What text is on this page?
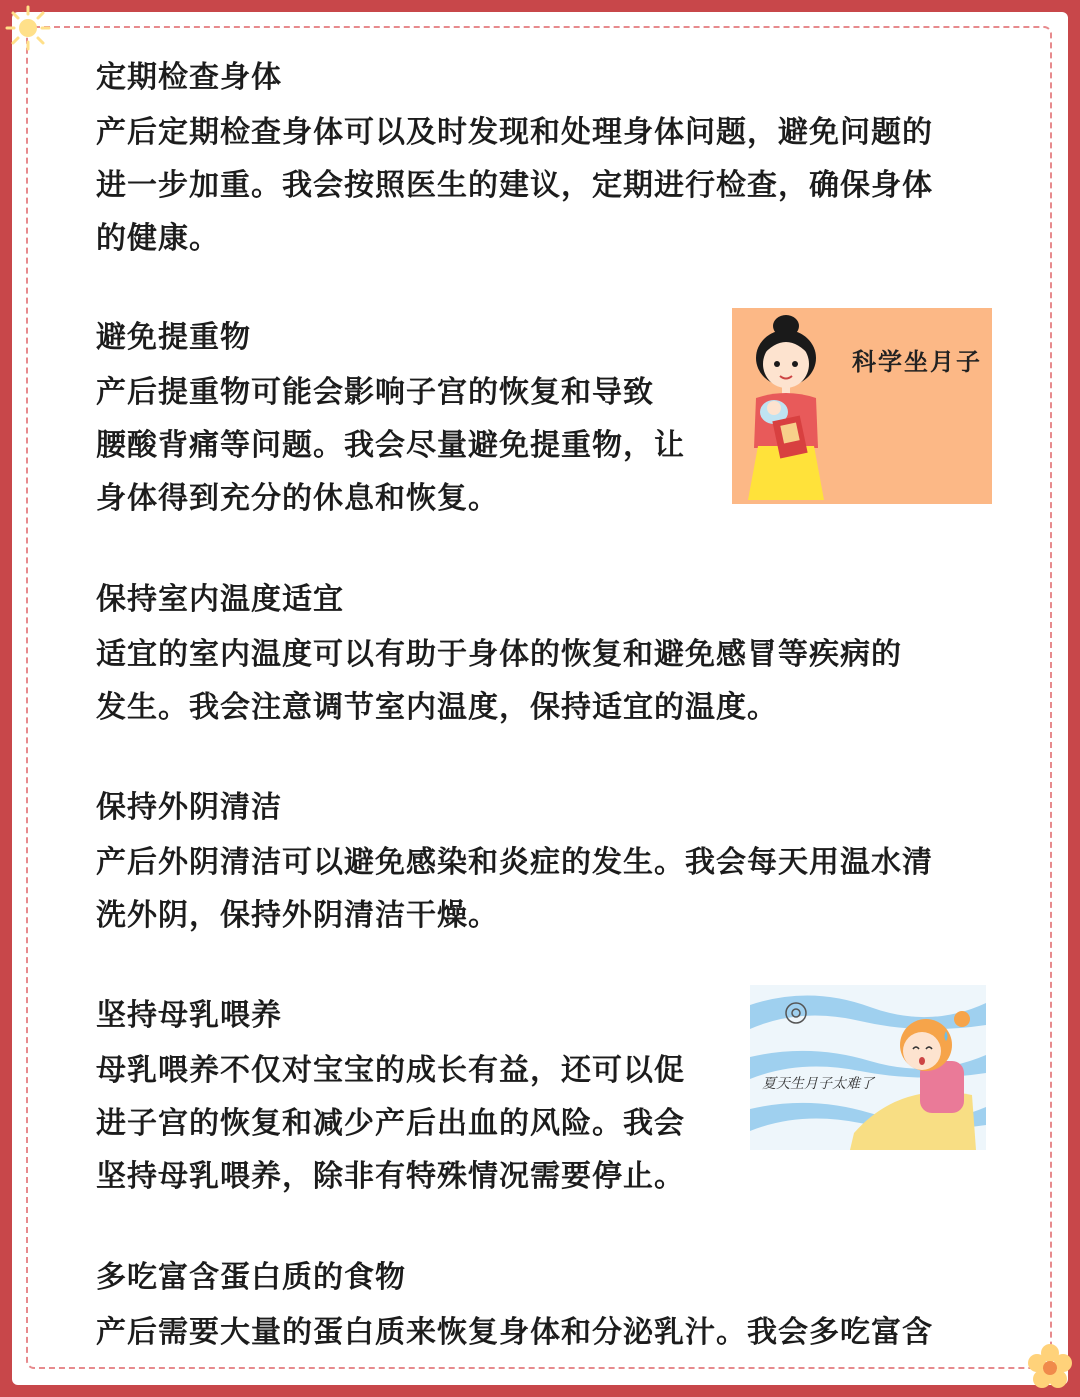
定期检查身体

产后定期检查身体可以及时发现和处理身体问题，避免问题的
进一步加重。我会按照医生的建议，定期进行检查，确保身体
的健康。

避免提重物

产后提重物可能会影响子宫的恢复和导致
腰酸背痛等问题。我会尽量避免提重物，让
身体得到充分的休息和恢复。

科学坐月子

保持室内温度适宜

适宜的室内温度可以有助于身体的恢复和避免感冒等疾病的
发生。我会注意调节室内温度，保持适宜的温度。

保持外阴清洁

产后外阴清洁可以避免感染和炎症的发生。我会每天用温水清
洗外阴，保持外阴清洁干燥。

坚持母乳喂养

母乳喂养不仅对宝宝的成长有益，还可以促
进子宫的恢复和减少产后出血的风险。我会
坚持母乳喂养，除非有特殊情况需要停止。

夏天生月子太难了

多吃富含蛋白质的食物

产后需要大量的蛋白质来恢复身体和分泌乳汁。我会多吃富含
